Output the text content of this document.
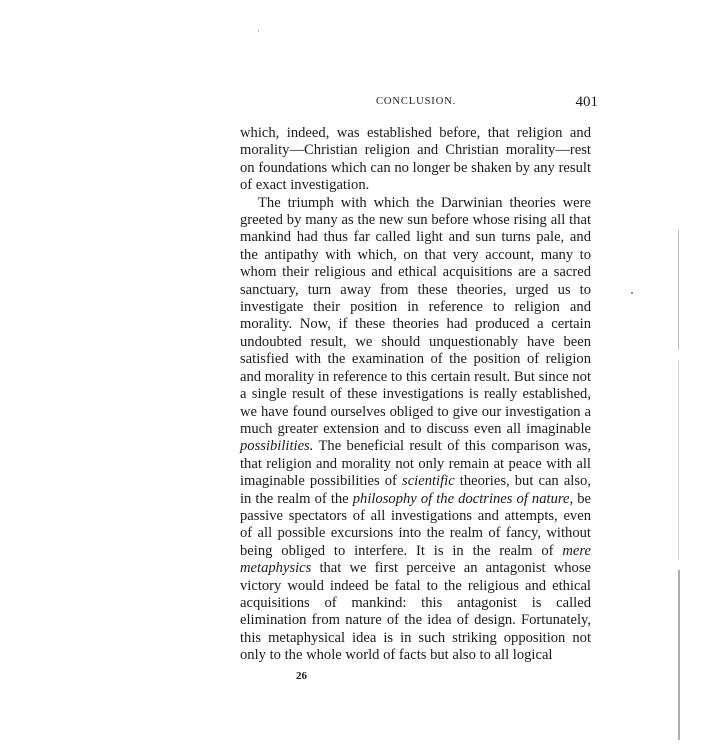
CONCLUSION.	401

which, indeed, was established before, that religion and morality—Christian religion and Christian morality—rest on foundations which can no longer be shaken by any result of exact investigation.

The triumph with which the Darwinian theories were greeted by many as the new sun before whose rising all that mankind had thus far called light and sun turns pale, and the antipathy with which, on that very account, many to whom their religious and ethical acquisitions are a sacred sanctuary, turn away from these theories, urged us to investigate their position in reference to religion and morality. Now, if these theories had produced a certain undoubted result, we should unquestionably have been satisfied with the examination of the position of religion and morality in reference to this certain result. But since not a single result of these investigations is really established, we have found ourselves obliged to give our investigation a much greater extension and to discuss even all imaginable possibilities. The beneficial result of this comparison was, that religion and morality not only remain at peace with all imaginable possibilities of scientific theories, but can also, in the realm of the philosophy of the doctrines of nature, be passive spectators of all investigations and attempts, even of all possible excursions into the realm of fancy, without being obliged to interfere. It is in the realm of mere metaphysics that we first perceive an antagonist whose victory would indeed be fatal to the religious and ethical acquisitions of mankind: this antagonist is called elimination from nature of the idea of design. Fortunately, this metaphysical idea is in such striking opposition not only to the whole world of facts but also to all logical

26
